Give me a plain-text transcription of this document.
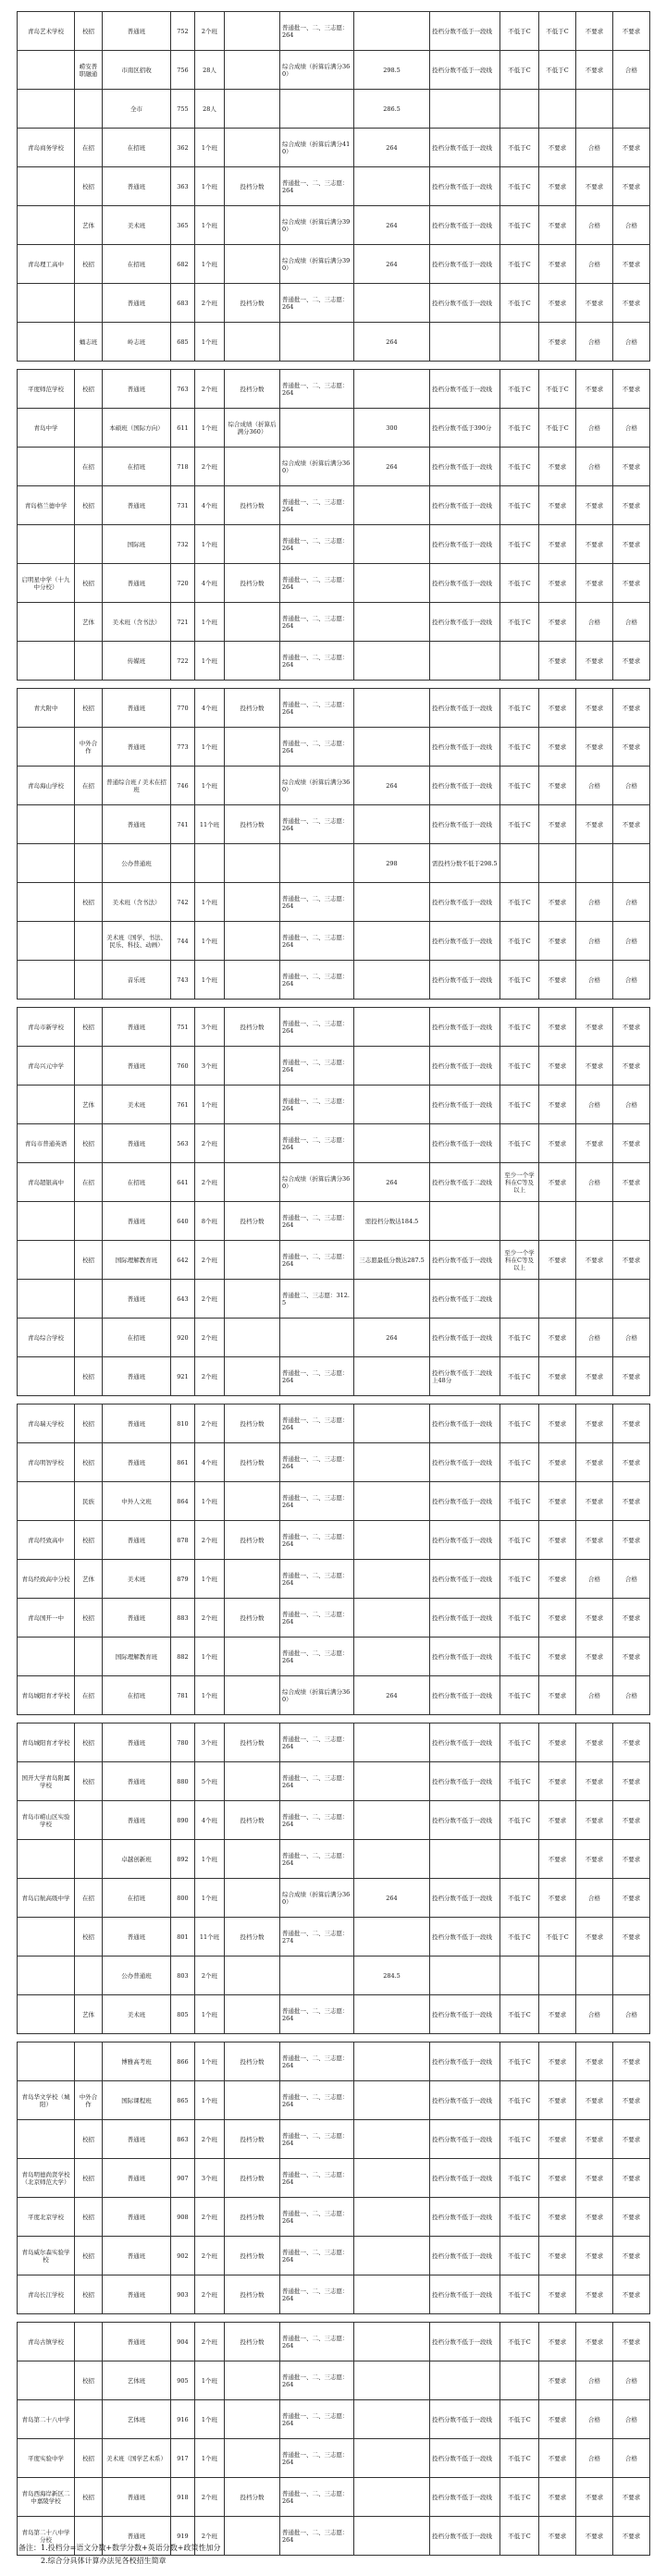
青岛艺术学校	校招	普通班	752	2个班		普通批一、二、三志愿：264		投档分数不低于一段线	不低于C	不低于C	不要求	不要求
	崂安普职融通	市南区招收	756	28人		综合成绩（折算后满分360）	298.5	投档分数不低于一段线	不低于C	不低于C	不要求	合格
		全市	755	28人			286.5					
青岛商务学校	在招	在招班	362	1个班		综合成绩（折算后满分410）	264	投档分数不低于一段线	不低于C	不要求	合格	不要求
	校招	普通班	363	1个班	投档分数	普通批一、二、三志愿：264		投档分数不低于一段线	不低于C	不要求	不要求	不要求
	艺体	美术班	365	1个班		综合成绩（折算后满分390）	264	投档分数不低于一段线	不低于C	不要求	合格	合格
青岛理工高中	校招	在招班	682	1个班		综合成绩（折算后满分390）	264	投档分数不低于一段线	不低于C	不要求	合格	不要求
		普通班	683	2个班	投档分数	普通批一、二、三志愿：264		投档分数不低于一段线	不低于C	不要求	不要求	不要求
	蛹志班	岭志班	685	1个班			264			不要求	合格	合格

平度师范学校	校招	普通班	763	2个班	投档分数	普通批一、二、三志愿：264		投档分数不低于一段线	不低于C	不低于C	不要求	不要求
青岛中学		本硕班（国际方向）	611	1个班	综合成绩（折算后满分360）		300	投档分数不低于390分	不低于C	不低于C	合格	合格
	在招	在招班	718	2个班		综合成绩（折算后满分360）	264	投档分数不低于一段线	不低于C	不要求	合格	不要求
青岛格兰德中学	校招	普通班	731	4个班	投档分数	普通批一、二、三志愿：264		投档分数不低于一段线	不低于C	不要求	不要求	不要求
		国际班	732	1个班		普通批一、二、三志愿：264		投档分数不低于一段线	不低于C	不要求	不要求	不要求
启明星中学（十九中分校）	校招	普通班	720	4个班	投档分数	普通批一、二、三志愿：264		投档分数不低于一段线	不低于C	不要求	不要求	不要求
	艺体	美术班（含书法）	721	1个班		普通批一、二、三志愿：264		投档分数不低于一段线	不低于C	不要求	合格	合格
		传媒班	722	1个班		普通批一、二、三志愿：264				不要求	不要求	不要求

青大附中	校招	普通班	770	4个班	投档分数	普通批一、二、三志愿：264		投档分数不低于一段线	不低于C	不要求	不要求	不要求
	中外合作	普通班	773	1个班		普通批一、二、三志愿：264		投档分数不低于一段线	不低于C	不要求	不要求	不要求
青岛海山学校	在招	普通综合班 / 美术在招班	746	1个班		综合成绩（折算后满分360）	264	投档分数不低于一段线	不低于C	不要求	合格	合格
		普通班	741	11个班	投档分数	普通批一、二、三志愿：264		投档分数不低于一段线	不低于C	不要求	不要求	不要求
		公办普通班					298	需投档分数不低于298.5				
	校招	美术班（含书法）	742	1个班		普通批一、二、三志愿：264		投档分数不低于一段线	不低于C	不要求	合格	合格
		美术班（国学、书法、民乐、科技、动画）	744	1个班		普通批一、二、三志愿：264		投档分数不低于一段线	不低于C	不要求	合格	合格
		音乐班	743	1个班		普通批一、二、三志愿：264		投档分数不低于一段线	不低于C	不要求	合格	合格

青岛市新学校	校招	普通班	751	3个班	投档分数	普通批一、二、三志愿：264		投档分数不低于一段线	不低于C	不要求	不要求	不要求
青岛兴元中学		普通班	760	3个班		普通批一、二、三志愿：264		投档分数不低于一段线	不低于C	不要求	不要求	不要求
	艺体	美术班	761	1个班		普通批一、二、三志愿：264		投档分数不低于一段线	不低于C	不要求	合格	合格
青岛市普通英语	校招	普通班	563	2个班		普通批一、二、三志愿：264		投档分数不低于一段线	不低于C	不要求	不要求	不要求
青岛超银高中	在招	在招班	641	2个班		综合成绩（折算后满分360）	264	投档分数不低于二段线	至少一个学科在C等及以上	不要求	合格	不要求
		普通班	640	8个班	投档分数	普通批一、二、三志愿：264	需投档分数达184.5					
	校招	国际理解教育班	642	2个班		普通批一、二、三志愿：264	三志愿最低分数达287.5	投档分数不低于一段线	至少一个学科在C等及以上	不要求	不要求	不要求
		普通班	643	2个班		普通批二、三志愿：312.5		投档分数不低于二段线				
青岛综合学校		在招班	920	2个班			264	投档分数不低于一段线	不低于C	不要求	合格	合格
	校招	普通班	921	2个班		普通批一、二、三志愿：264		投档分数不低于二段线上48分	不低于C	不要求	不要求	不要求

青岛瑞天学校	校招	普通班	810	2个班	投档分数	普通批一、二、三志愿：264		投档分数不低于一段线	不低于C	不要求	不要求	不要求
青岛明智学校	校招	普通班	861	4个班	投档分数	普通批一、二、三志愿：264		投档分数不低于一段线	不低于C	不要求	不要求	不要求
	民族	中外人文班	864	1个班		普通批一、二、三志愿：264		投档分数不低于一段线	不低于C	不要求	不要求	不要求
青岛经致高中	校招	普通班	878	2个班	投档分数	普通批一、二、三志愿：264		投档分数不低于一段线	不低于C	不要求	不要求	不要求
青岛经致高中分校	艺体	美术班	879	1个班		普通批一、二、三志愿：264		投档分数不低于一段线	不低于C	不要求	合格	合格
青岛国开一中	校招	普通班	883	2个班	投档分数	普通批一、二、三志愿：264		投档分数不低于一段线	不低于C	不要求	不要求	不要求
		国际理解教育班	882	1个班		普通批一、二、三志愿：264		投档分数不低于一段线	不低于C	不要求	不要求	不要求
青岛城阳育才学校	在招	在招班	781	1个班		综合成绩（折算后满分360）	264	投档分数不低于一段线	不低于C	不要求	合格	合格

青岛城阳育才学校	校招	普通班	780	3个班	投档分数	普通批一、二、三志愿：264		投档分数不低于一段线	不低于C	不要求	不要求	不要求
国开大学青岛附属学校	校招	普通班	880	5个班		普通批一、二、三志愿：264		投档分数不低于一段线	不低于C	不要求	不要求	不要求
青岛市崂山区实验学校		普通班	890	4个班	投档分数	普通批一、二、三志愿：264		投档分数不低于一段线	不低于C	不要求	不要求	不要求
		卓越创新班	892	1个班		普通批一、二、三志愿：264				不要求	不要求	不要求
青岛启航高级中学	在招	在招班	800	1个班		综合成绩（折算后满分360）	264	投档分数不低于一段线	不低于C	不要求	合格	不要求
	校招	普通班	801	11个班	投档分数	普通批一、二、三志愿：274		投档分数不低于一段线	不低于C	不低于C	不要求	不要求
		公办普通班	803	2个班			284.5					
	艺体	美术班	805	1个班		普通批一、二、三志愿：264		投档分数不低于一段线	不低于C	不要求	合格	合格

		博雅高考班	866	1个班	投档分数	普通批一、二、三志愿：264		投档分数不低于一段线	不低于C	不要求	不要求	不要求
青岛华文学校（城阳）	中外合作	国际课程班	865	1个班		普通批一、二、三志愿：264		投档分数不低于一段线	不低于C	不要求	不要求	不要求
	校招	普通班	863	2个班	投档分数	普通批一、二、三志愿：264		投档分数不低于一段线	不低于C	不要求	不要求	不要求
青岛明德尚贤学校（北京师范大学）	校招	普通班	907	3个班	投档分数	普通批一、二、三志愿：264		投档分数不低于一段线	不低于C	不要求	不要求	不要求
平度北京学校	校招	普通班	908	2个班	投档分数	普通批一、二、三志愿：264		投档分数不低于一段线	不低于C	不要求	不要求	不要求
青岛威尔森实验学校	校招	普通班	902	2个班	投档分数	普通批一、二、三志愿：264		投档分数不低于一段线	不低于C	不要求	不要求	不要求
青岛长江学校	校招	普通班	903	2个班	投档分数	普通批一、二、三志愿：264		投档分数不低于一段线	不低于C	不要求	不要求	不要求

青岛古镇学校		普通班	904	2个班	投档分数	普通批一、二、三志愿：264		投档分数不低于一段线	不低于C	不要求	不要求	不要求
	校招	艺体班	905	1个班		普通批一、二、三志愿：264				不要求	合格	合格
青岛第二十八中学		艺体班	916	1个班		普通批一、二、三志愿：264		投档分数不低于一段线	不低于C	不要求	合格	合格
平度实验中学	校招	美术班（国学艺术系）	917	1个班		普通批一、二、三志愿：264		投档分数不低于一段线	不低于C	不要求	合格	合格
青岛西海岸新区二中嘉陵学校	校招	普通班	918	2个班	投档分数	普通批一、二、三志愿：264		投档分数不低于一段线	不低于C	不要求	不要求	不要求
青岛第二十八中学分校		普通班	919	2个班		普通批一、二、三志愿：264		投档分数不低于一段线	不低于C	不要求	不要求	不要求
备注：1.投档分=语文分数+数学分数+英语分数+政策性加分
2.综合分具体计算办法见各校招生简章
